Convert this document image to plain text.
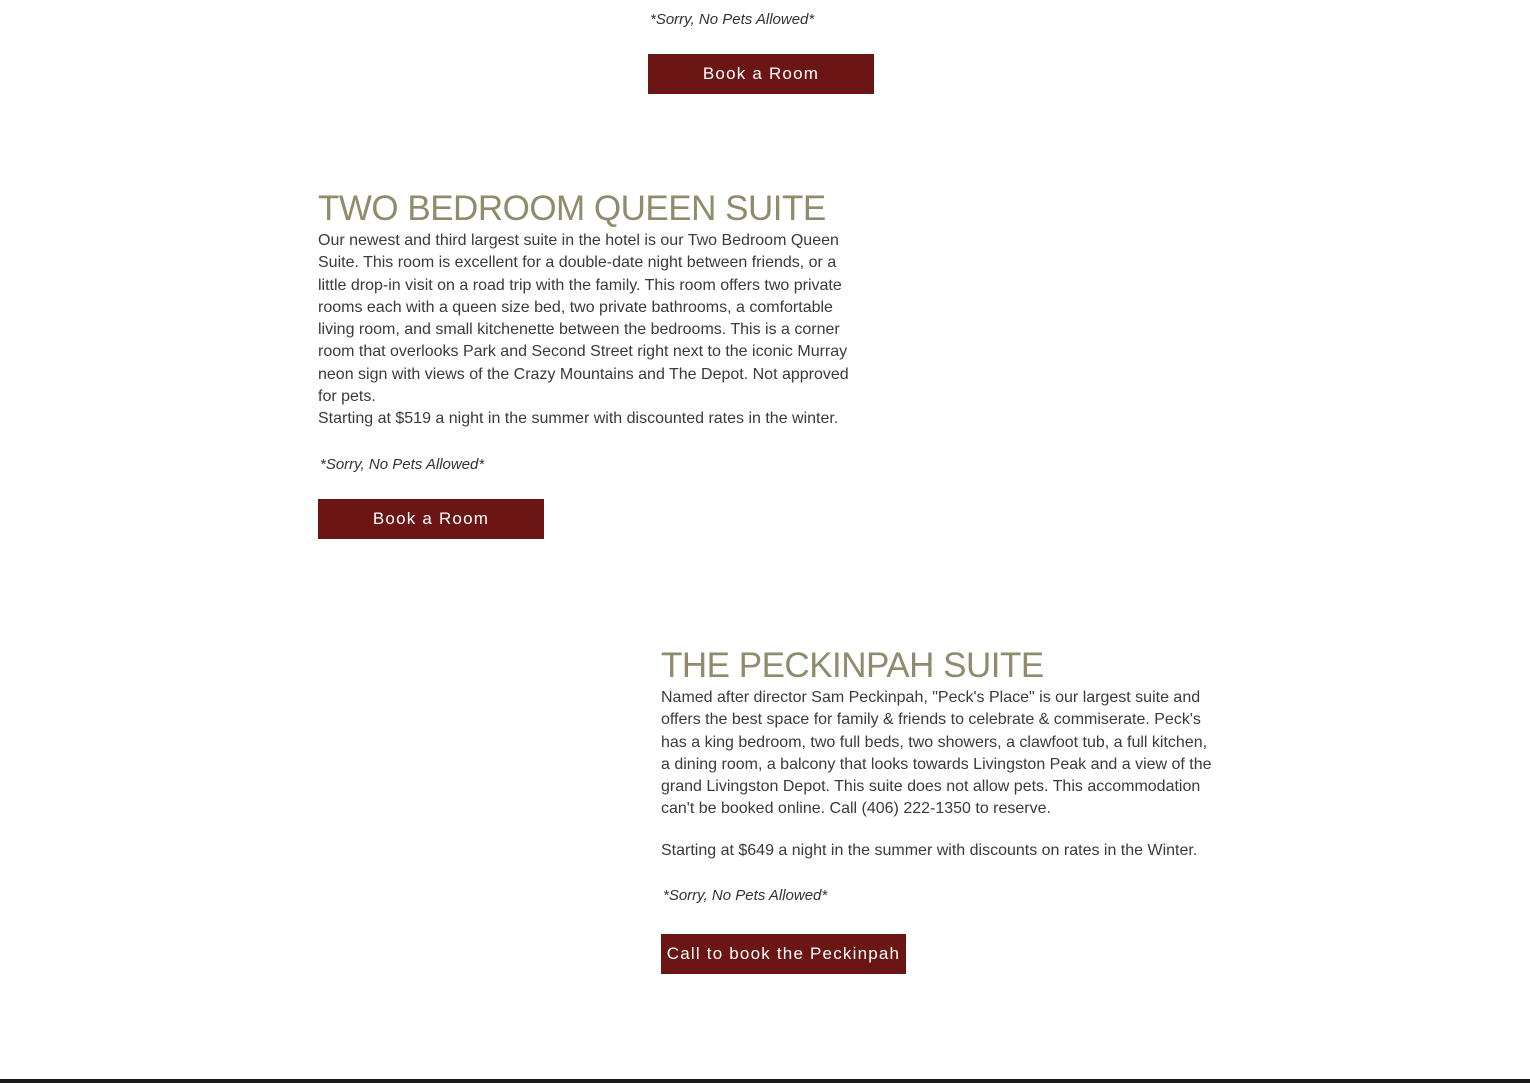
*Sorry, No Pets Allowed*

Book a Room
TWO BEDROOM QUEEN SUITE

Our newest and third largest suite in the hotel is our Two Bedroom Queen Suite. This room is excellent for a double-date night between friends, or a little drop-in visit on a road trip with the family. This room offers two private rooms each with a queen size bed, two private bathrooms, a comfortable living room, and small kitchenette between the bedrooms. This is a corner room that overlooks Park and Second Street right next to the iconic Murray neon sign with views of the Crazy Mountains and The Depot. Not approved for pets.

Starting at $519 a night in the summer with discounted rates in the winter.

*Sorry, No Pets Allowed*

Book a Room
THE PECKINPAH SUITE

Named after director Sam Peckinpah, "Peck's Place" is our largest suite and offers the best space for family & friends to celebrate & commiserate. Peck's has a king bedroom, two full beds, two showers, a clawfoot tub, a full kitchen, a dining room, a balcony that looks towards Livingston Peak and a view of the grand Livingston Depot. This suite does not allow pets. This accommodation can't be booked online. Call (406) 222-1350 to reserve.

Starting at $649 a night in the summer with discounts on rates in the Winter.

*Sorry, No Pets Allowed*

Call to book the Peckinpah
